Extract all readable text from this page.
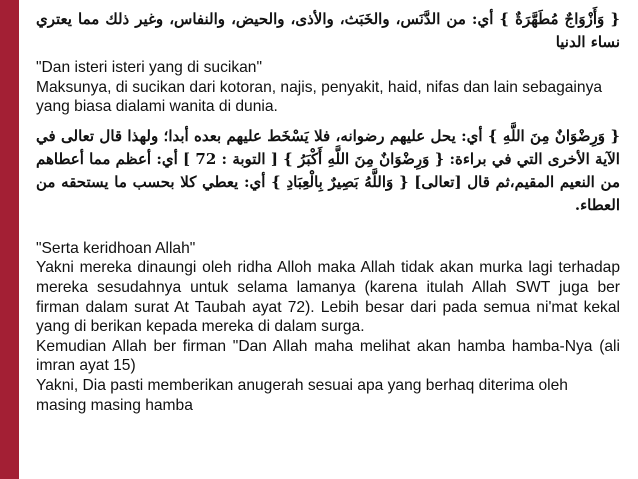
{ وَأَزْوَاجٌ مُطَهَّرَةٌ } أي: من الدَّنَس، والخَبَث، والأذى، والحيض، والنفاس، وغير ذلك مما يعتري نساء الدنيا

"Dan isteri isteri yang di sucikan"

Maksunya, di sucikan dari kotoran, najis, penyakit, haid, nifas dan lain sebagainya yang biasa dialami wanita di dunia.

{ وَرِضْوَانٌ مِنَ اللَّهِ } أي: يحل عليهم رضوانه، فلا يَسْخَط عليهم بعده أبدا؛ ولهذا قال تعالى في الآية الأخرى التي في براءة: { وَرِضْوَانٌ مِنَ اللَّهِ أَكْبَرُ } [ التوبة : 72 ] أي: أعظم مما أعطاهم من النعيم المقيم،ثم قال [تعالى] { وَاللَّهُ بَصِيرٌ بِالْعِبَادِ } أي: يعطي كلا بحسب ما يستحقه من العطاء.

"Serta keridhoan Allah"

Yakni mereka dinaungi oleh ridha Alloh maka Allah tidak akan murka lagi terhadap mereka sesudahnya untuk selama lamanya (karena itulah Allah SWT juga ber firman dalam surat At Taubah ayat 72). Lebih besar dari pada semua ni'mat kekal yang di berikan kepada mereka di dalam surga.

Kemudian Allah ber firman "Dan Allah maha melihat akan hamba hamba-Nya (ali imran ayat 15)

Yakni, Dia pasti memberikan anugerah sesuai apa yang berhaq diterima oleh masing masing hamba
